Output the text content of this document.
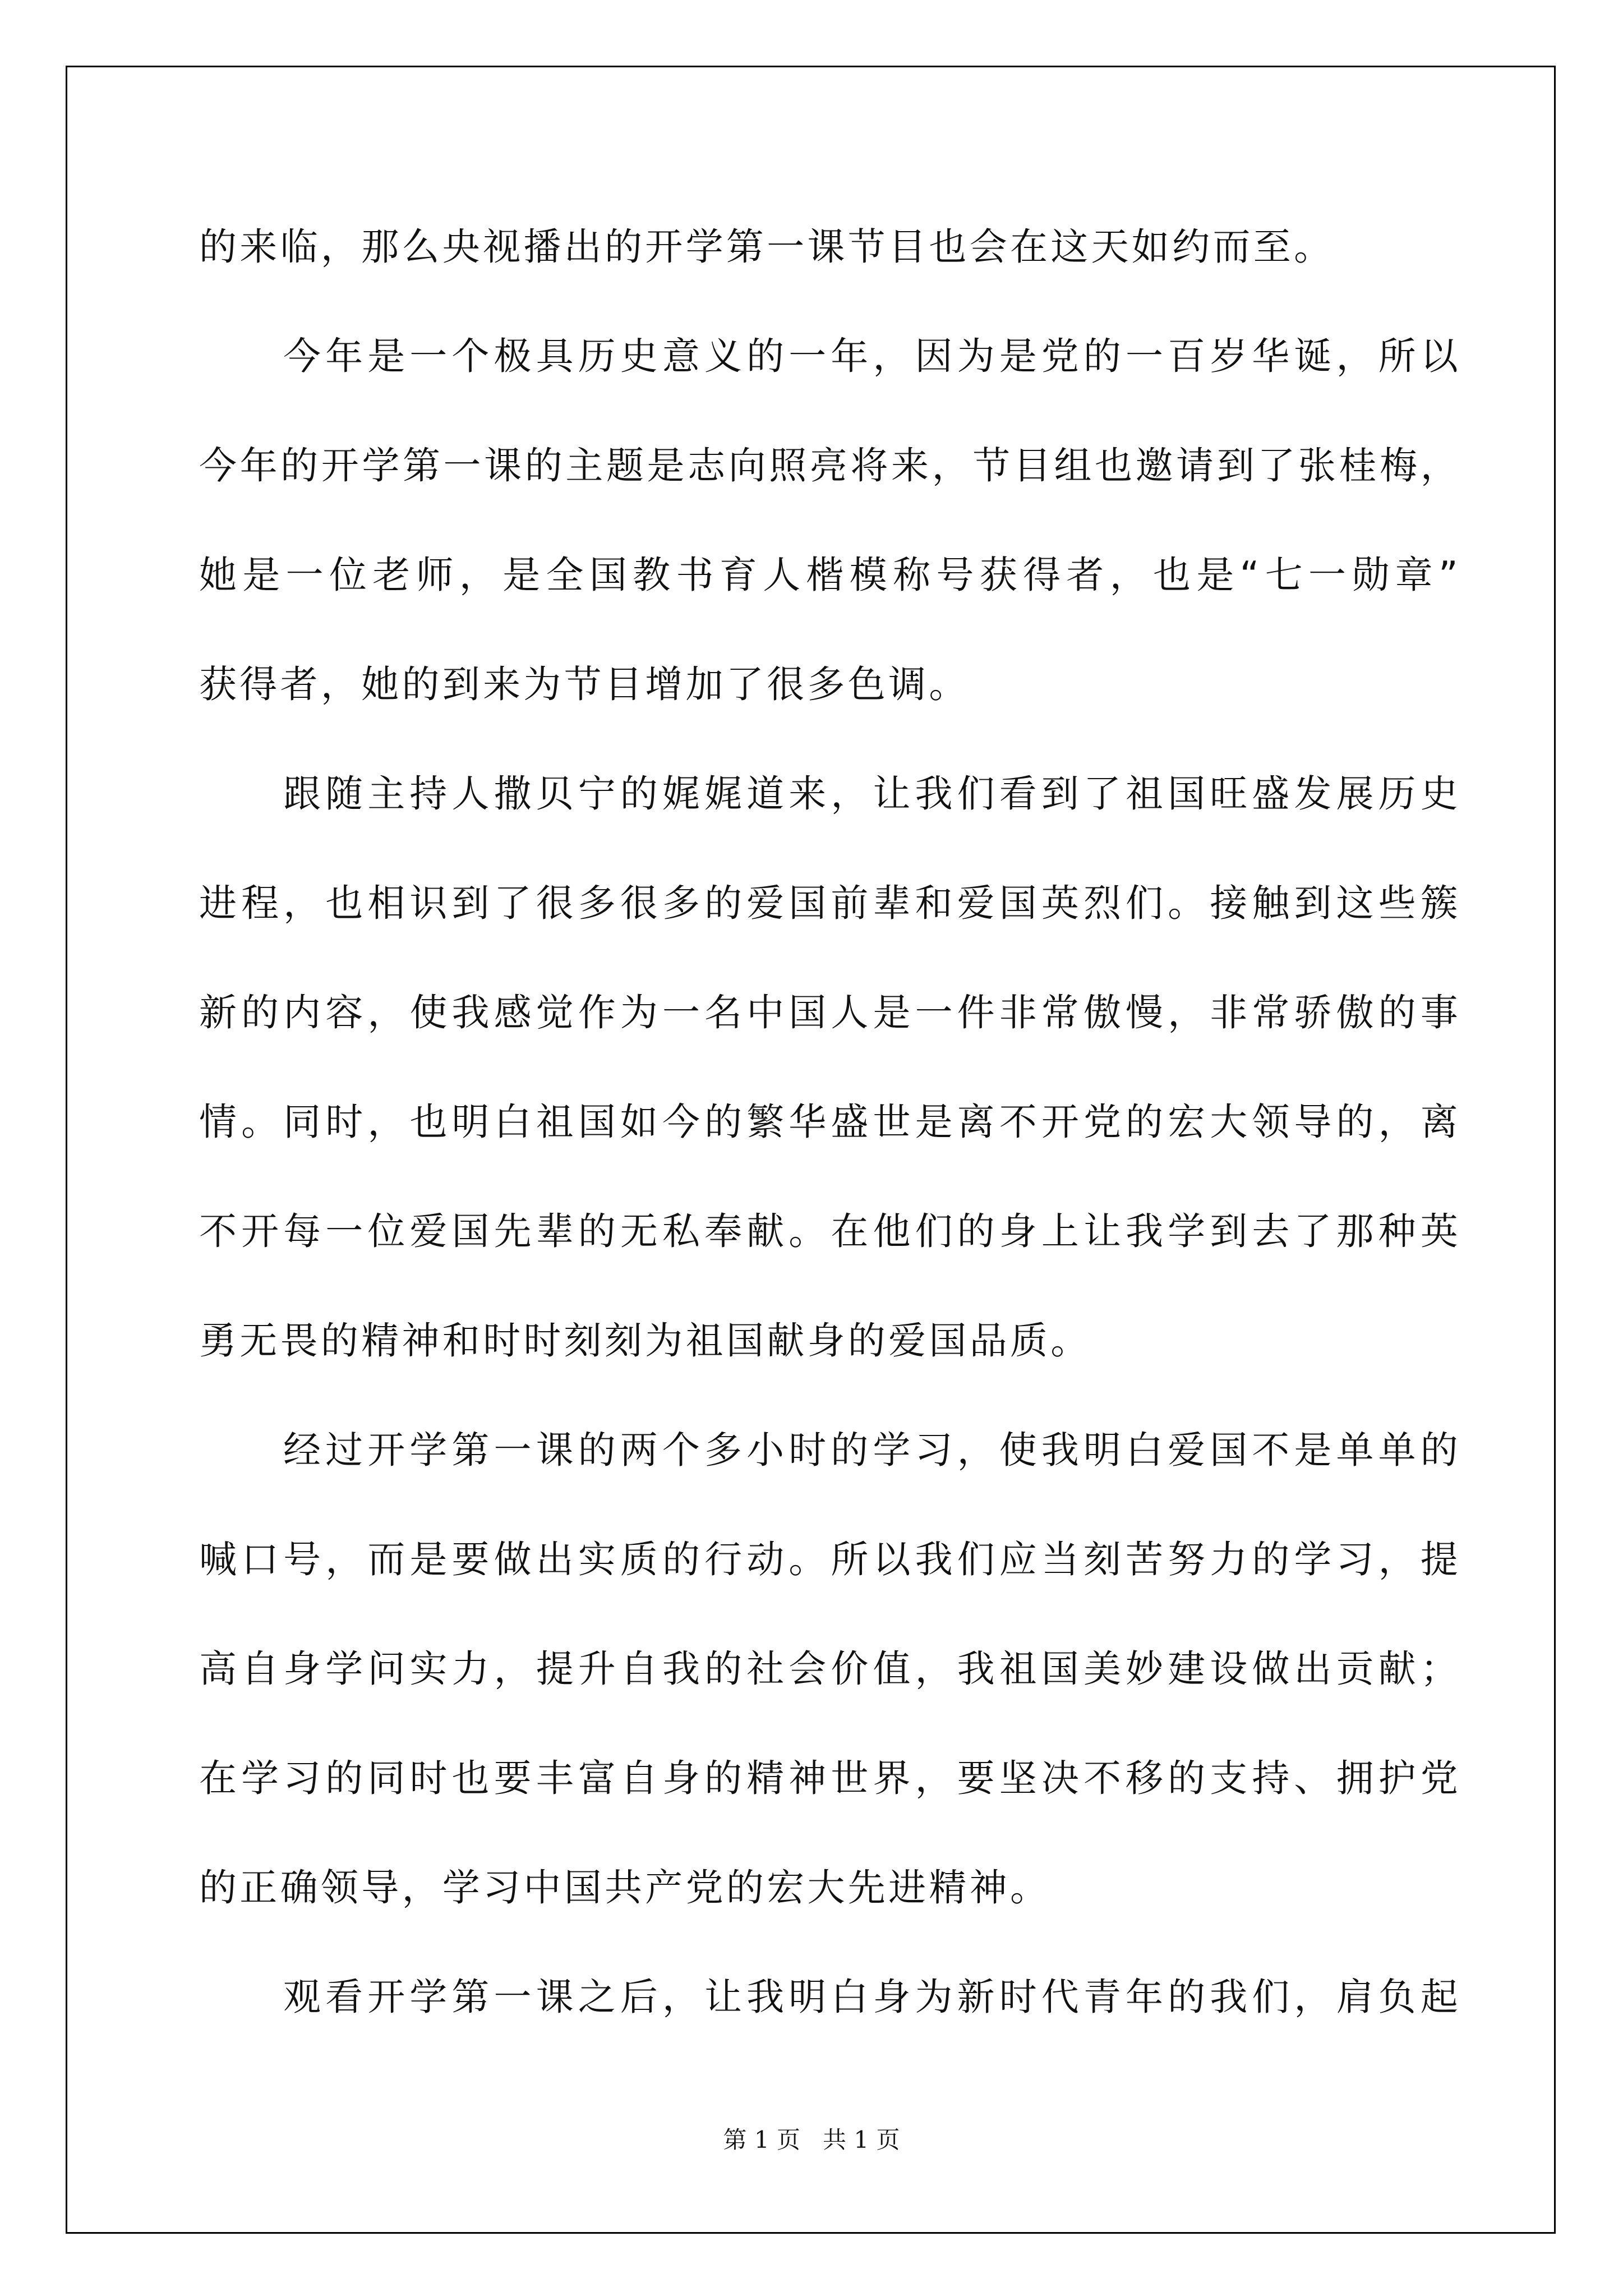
的来临，那么央视播出的开学第一课节目也会在这天如约而至。
今年是一个极具历史意义的一年，因为是党的一百岁华诞，所以
今年的开学第一课的主题是志向照亮将来，节目组也邀请到了张桂梅，
她是一位老师，是全国教书育人楷模称号获得者，也是“七一勋章”
获得者，她的到来为节目增加了很多色调。
跟随主持人撒贝宁的娓娓道来，让我们看到了祖国旺盛发展历史
进程，也相识到了很多很多的爱国前辈和爱国英烈们。接触到这些簇
新的内容，使我感觉作为一名中国人是一件非常傲慢，非常骄傲的事
情。同时，也明白祖国如今的繁华盛世是离不开党的宏大领导的，离
不开每一位爱国先辈的无私奉献。在他们的身上让我学到去了那种英
勇无畏的精神和时时刻刻为祖国献身的爱国品质。
经过开学第一课的两个多小时的学习，使我明白爱国不是单单的
喊口号，而是要做出实质的行动。所以我们应当刻苦努力的学习，提
高自身学问实力，提升自我的社会价值，我祖国美妙建设做出贡献；
在学习的同时也要丰富自身的精神世界，要坚决不移的支持、拥护党
的正确领导，学习中国共产党的宏大先进精神。
观看开学第一课之后，让我明白身为新时代青年的我们，肩负起
第 1 页   共 1 页
